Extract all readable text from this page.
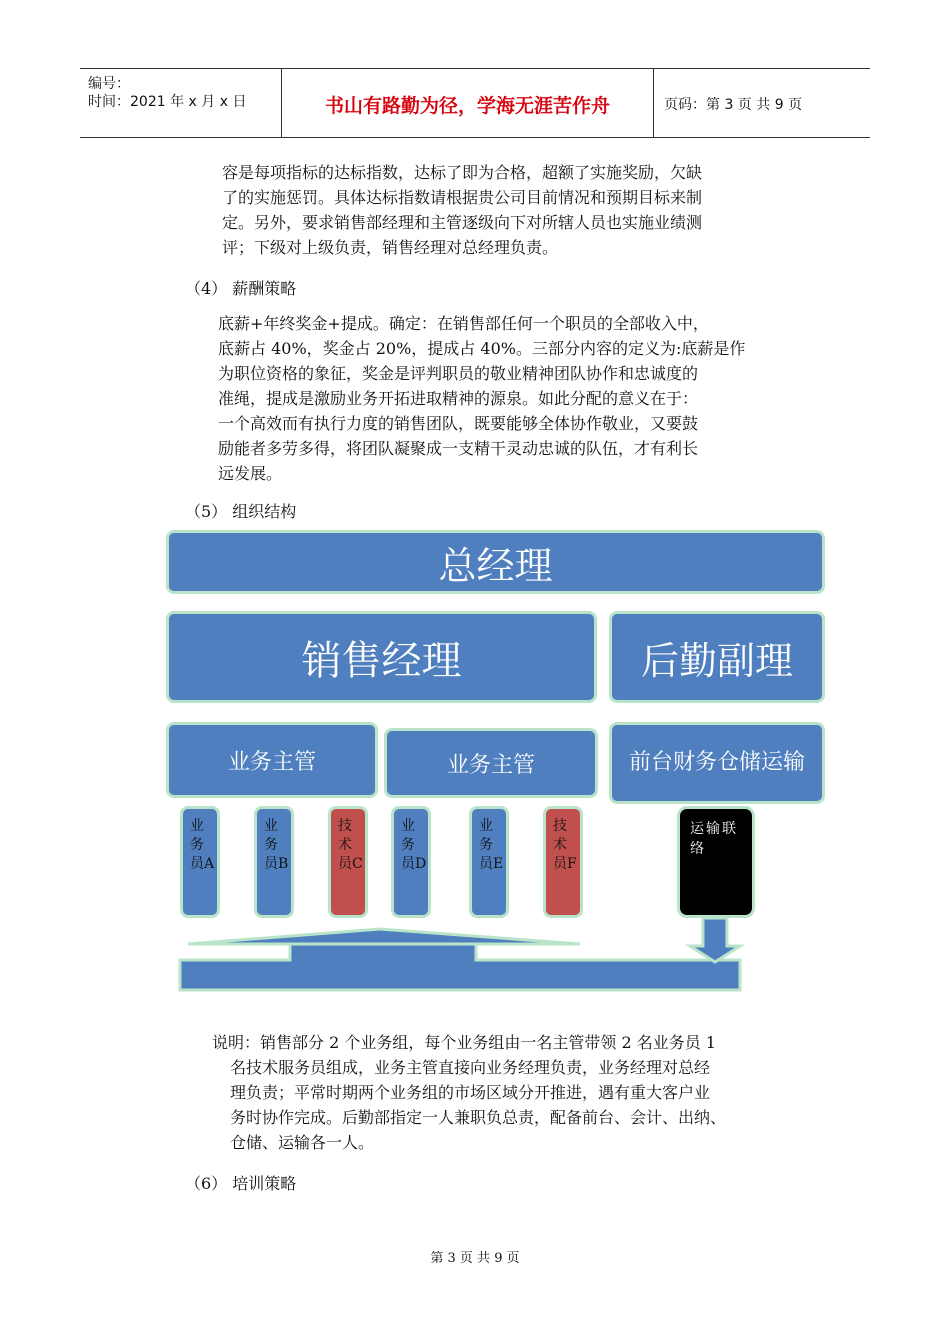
编号：
时间：2021 年 x 月 x 日	书山有路勤为径，学海无涯苦作舟	页码：第 3 页 共 9 页
容是每项指标的达标指数，达标了即为合格，超额了实施奖励，欠缺
了的实施惩罚。具体达标指数请根据贵公司目前情况和预期目标来制
定。另外，要求销售部经理和主管逐级向下对所辖人员也实施业绩测
评；下级对上级负责，销售经理对总经理负责。
（4） 薪酬策略
底薪+年终奖金+提成。确定：在销售部任何一个职员的全部收入中，
底薪占 40%，奖金占 20%，提成占 40%。三部分内容的定义为:底薪是作
为职位资格的象征，奖金是评判职员的敬业精神团队协作和忠诚度的
准绳，提成是激励业务开拓进取精神的源泉。如此分配的意义在于：
一个高效而有执行力度的销售团队，既要能够全体协作敬业，又要鼓
励能者多劳多得，将团队凝聚成一支精干灵动忠诚的队伍，才有利长
远发展。
（5） 组织结构
总经理
销售经理	后勤副理
业务主管	业务主管	前台财务仓储运输
业务员A
业务员B
技术员C
业务员D
业务员E
技术员F
运输联络
说明：销售部分 2 个业务组，每个业务组由一名主管带领 2 名业务员 1
名技术服务员组成，业务主管直接向业务经理负责，业务经理对总经
理负责；平常时期两个业务组的市场区域分开推进，遇有重大客户业
务时协作完成。后勤部指定一人兼职负总责，配备前台、会计、出纳、
仓储、运输各一人。
（6） 培训策略
第 3 页 共 9 页
